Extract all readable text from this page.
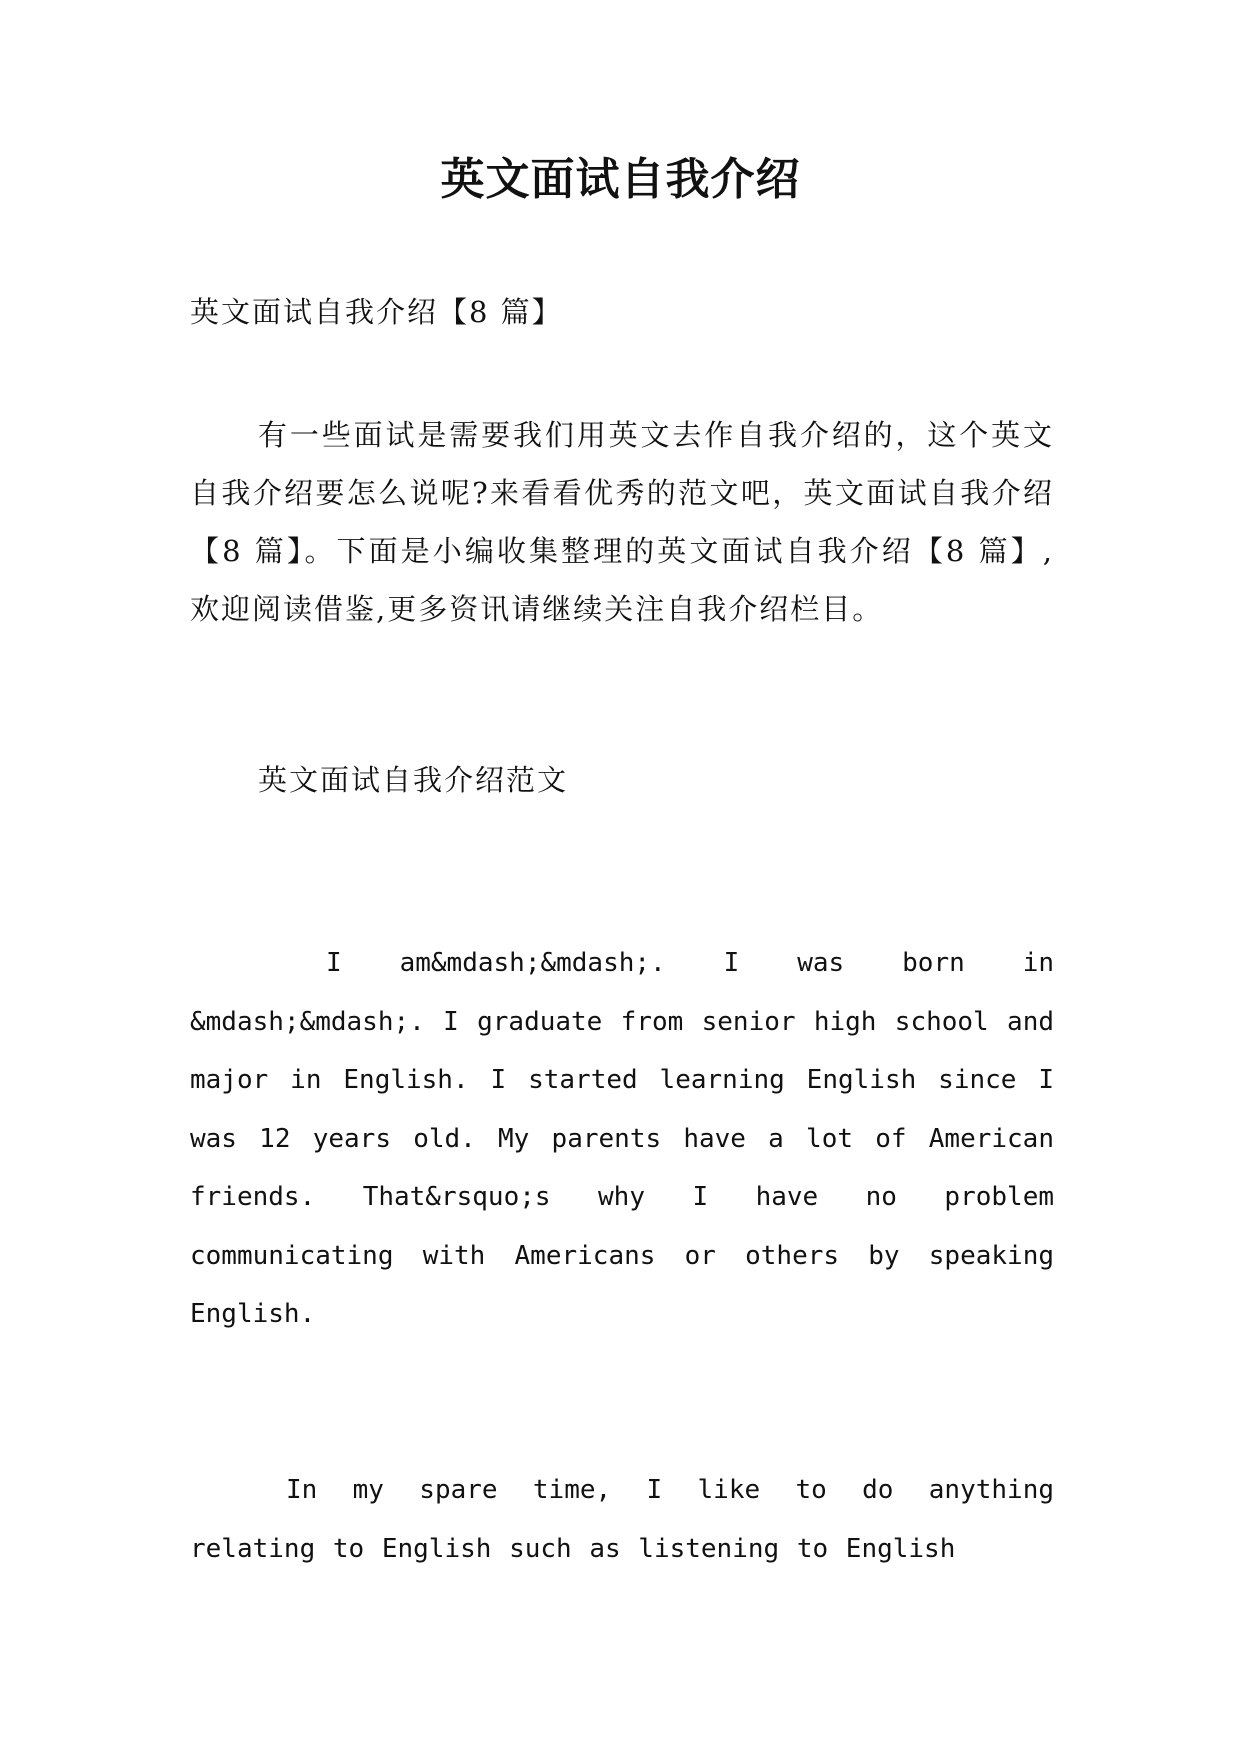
英文面试自我介绍
英文面试自我介绍【8 篇】

有一些面试是需要我们用英文去作自我介绍的，这个英文自我介绍要怎么说呢?来看看优秀的范文吧，英文面试自我介绍【8 篇】。下面是小编收集整理的英文面试自我介绍【8 篇】,欢迎阅读借鉴,更多资讯请继续关注自我介绍栏目。

英文面试自我介绍范文

I am&mdash;&mdash;. I was born in &mdash;&mdash;. I graduate from senior high school and major in English. I started learning English since I was 12 years old. My parents have a lot of American friends. That&rsquo;s why I have no problem communicating with Americans or others by speaking English.

In my spare time, I like to do anything relating to English such as listening to English
